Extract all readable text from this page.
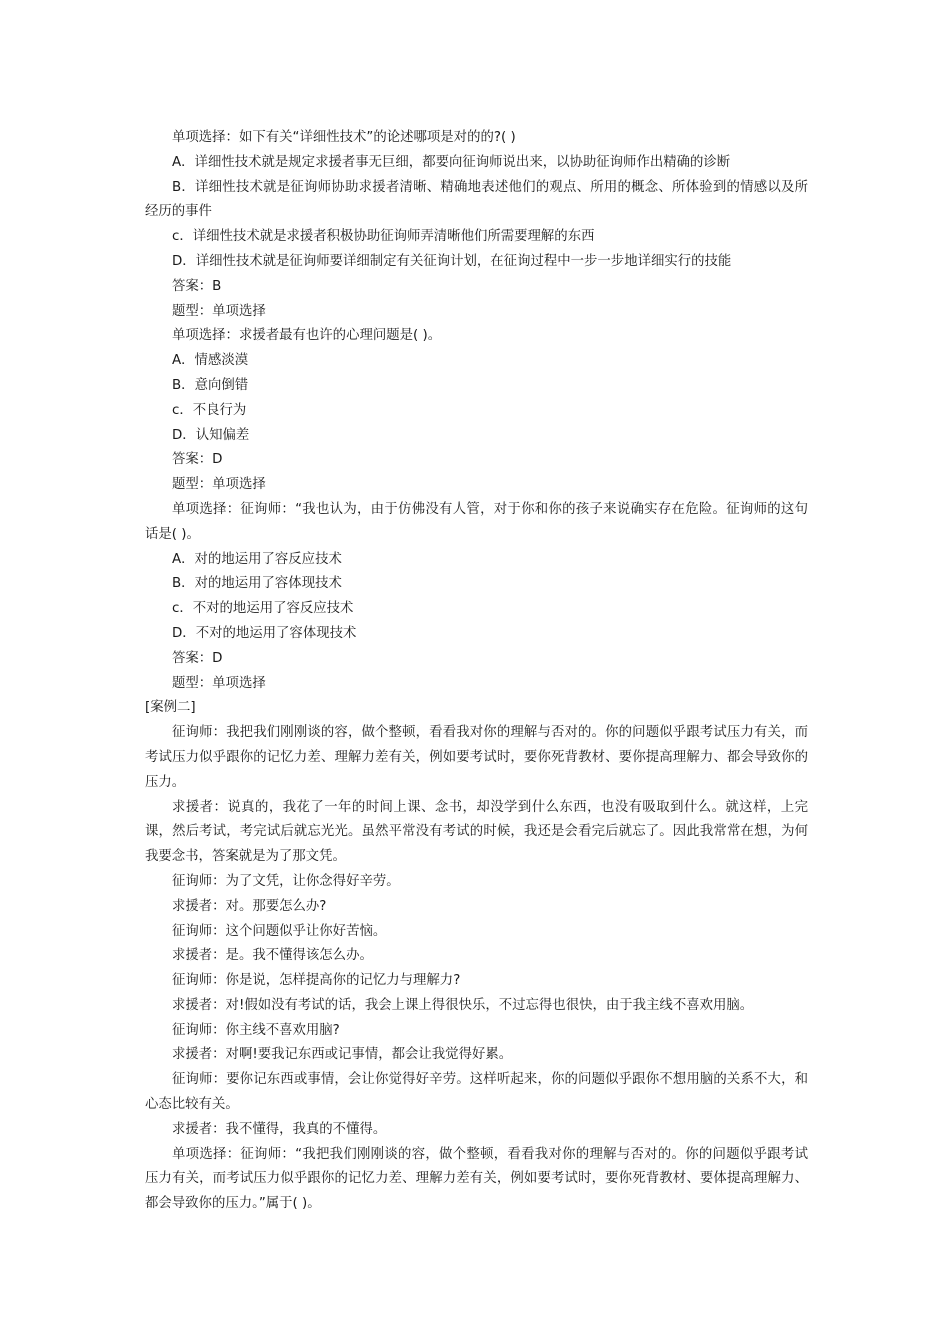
单项选择：如下有关“详细性技术”的论述哪项是对的的?( )

A．详细性技术就是规定求援者事无巨细，都要向征询师说出来，以协助征询师作出精确的诊断

B．详细性技术就是征询师协助求援者清晰、精确地表述他们的观点、所用的概念、所体验到的情感以及所经历的事件

c．详细性技术就是求援者积极协助征询师弄清晰他们所需要理解的东西

D．详细性技术就是征询师要详细制定有关征询计划，在征询过程中一步一步地详细实行的技能

答案：B

题型：单项选择

单项选择：求援者最有也许的心理问题是( )。

A．情感淡漠

B．意向倒错

c．不良行为

D．认知偏差

答案：D

题型：单项选择

单项选择：征询师：“我也认为，由于仿佛没有人管，对于你和你的孩子来说确实存在危险。征询师的这句话是( )。

A．对的地运用了容反应技术

B．对的地运用了容体现技术

c．不对的地运用了容反应技术

D．不对的地运用了容体现技术

答案：D

题型：单项选择

[案例二]

征询师：我把我们刚刚谈的容，做个整顿，看看我对你的理解与否对的。你的问题似乎跟考试压力有关，而考试压力似乎跟你的记忆力差、理解力差有关，例如要考试时，要你死背教材、要你提高理解力、都会导致你的压力。

求援者：说真的，我花了一年的时间上课、念书，却没学到什么东西，也没有吸取到什么。就这样，上完课，然后考试，考完试后就忘光光。虽然平常没有考试的时候，我还是会看完后就忘了。因此我常常在想，为何我要念书，答案就是为了那文凭。

征询师：为了文凭，让你念得好辛劳。

求援者：对。那要怎么办?

征询师：这个问题似乎让你好苦恼。

求援者：是。我不懂得该怎么办。

征询师：你是说，怎样提高你的记忆力与理解力?

求援者：对!假如没有考试的话，我会上课上得很快乐，不过忘得也很快，由于我主线不喜欢用脑。

征询师：你主线不喜欢用脑?

求援者：对啊!要我记东西或记事情，都会让我觉得好累。

征询师：要你记东西或事情，会让你觉得好辛劳。这样听起来，你的问题似乎跟你不想用脑的关系不大，和心态比较有关。

求援者：我不懂得，我真的不懂得。

单项选择：征询师：“我把我们刚刚谈的容，做个整顿，看看我对你的理解与否对的。你的问题似乎跟考试压力有关，而考试压力似乎跟你的记忆力差、理解力差有关，例如要考试时，要你死背教材、要体提高理解力、都会导致你的压力。”属于( )。
